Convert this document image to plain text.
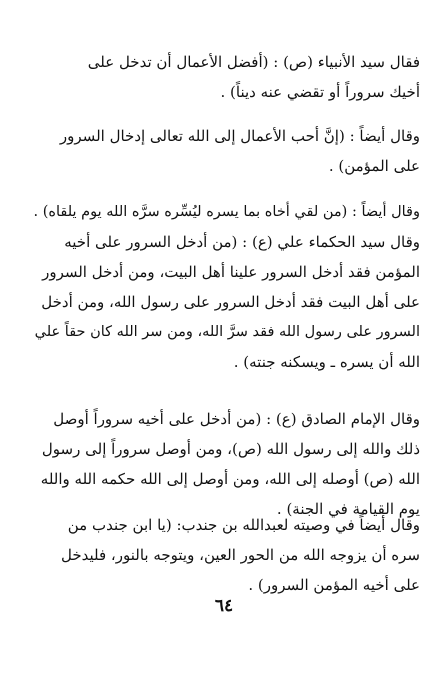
فقال سيد الأنبياء (ص) : (أفضل الأعمال أن تدخل على
أخيك سروراً أو تقضي عنه ديناً) .
وقال أيضاً : (إنَّ أحب الأعمال إلى الله تعالى إدخال السرور
على المؤمن) .
وقال أيضاً : (من لقي أخاه بما يسره ليُسِّره سرَّه الله يوم يلقاه) .
وقال سيد الحكماء علي (ع) : (من أدخل السرور على أخيه
المؤمن فقد أدخل السرور علينا أهل البيت، ومن أدخل السرور
على أهل البيت فقد أدخل السرور على رسول الله، ومن أدخل
السرور على رسول الله فقد سرَّ الله، ومن سر الله كان حقاً علي
الله أن يسره ـ ويسكنه جنته) .
وقال الإمام الصادق (ع) : (من أدخل على أخيه سروراً أوصل
ذلك والله إلى رسول الله (ص)، ومن أوصل سروراً إلى رسول
الله (ص) أوصله إلى الله، ومن أوصل إلى الله حكمه الله والله
يوم القيامة في الجنة) .
وقال أيضاً في وصيته لعبدالله بن جندب: (يا ابن جندب من
سره أن يزوجه الله من الحور العين، ويتوجه بالنور، فليدخل
على أخيه المؤمن السرور) .
٦٤
